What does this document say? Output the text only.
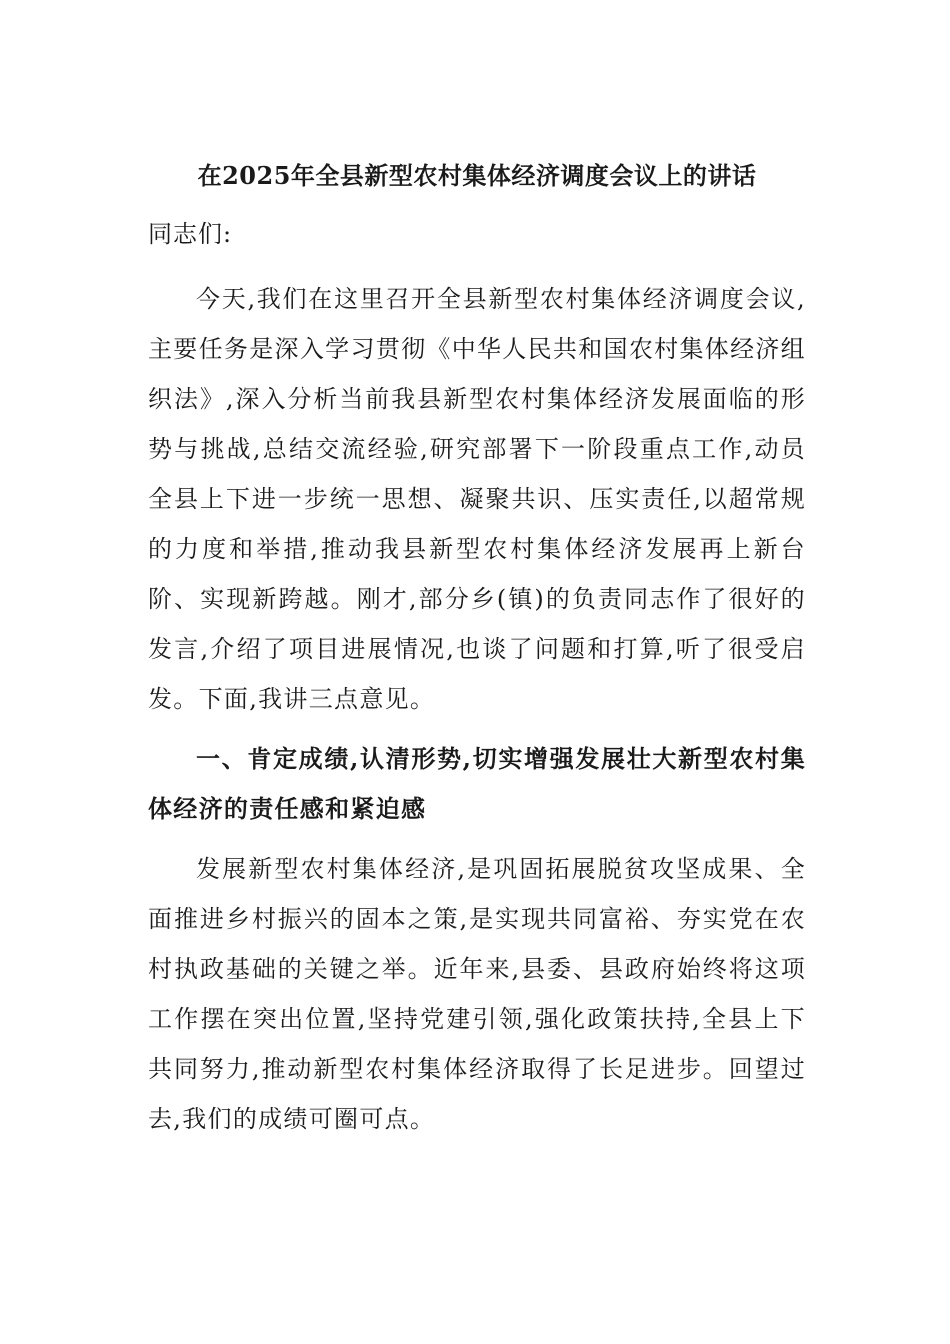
在2025年全县新型农村集体经济调度会议上的讲话

同志们:

今天,我们在这里召开全县新型农村集体经济调度会议,主要任务是深入学习贯彻《中华人民共和国农村集体经济组织法》,深入分析当前我县新型农村集体经济发展面临的形势与挑战,总结交流经验,研究部署下一阶段重点工作,动员全县上下进一步统一思想、凝聚共识、压实责任,以超常规的力度和举措,推动我县新型农村集体经济发展再上新台阶、实现新跨越。刚才,部分乡(镇)的负责同志作了很好的发言,介绍了项目进展情况,也谈了问题和打算,听了很受启发。下面,我讲三点意见。

一、肯定成绩,认清形势,切实增强发展壮大新型农村集体经济的责任感和紧迫感

发展新型农村集体经济,是巩固拓展脱贫攻坚成果、全面推进乡村振兴的固本之策,是实现共同富裕、夯实党在农村执政基础的关键之举。近年来,县委、县政府始终将这项工作摆在突出位置,坚持党建引领,强化政策扶持,全县上下共同努力,推动新型农村集体经济取得了长足进步。回望过去,我们的成绩可圈可点。
